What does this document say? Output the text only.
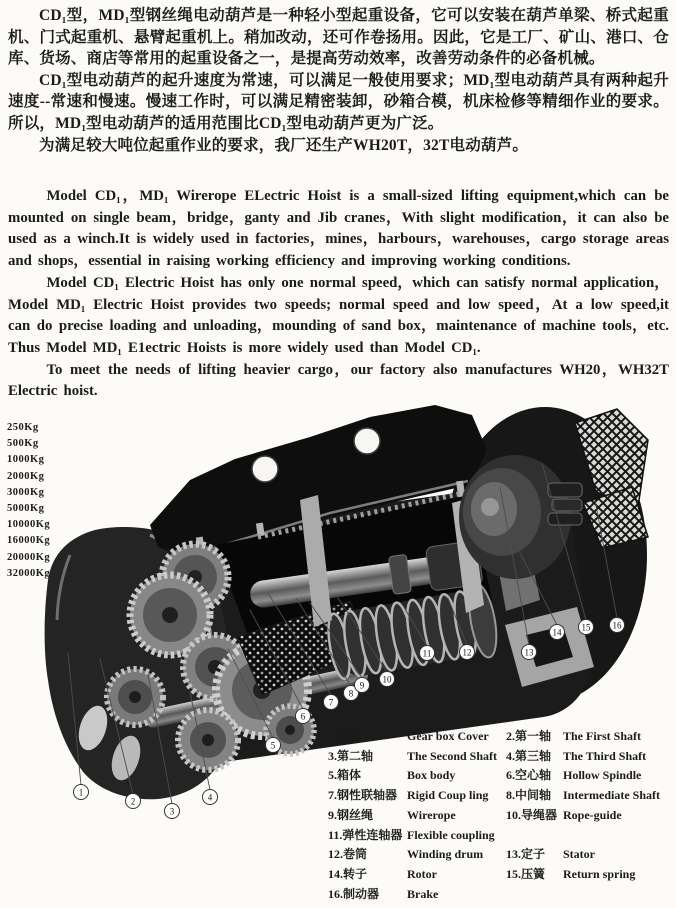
CD₁型，MD₁型钢丝绳电动葫芦是一种轻小型起重设备，它可以安装在葫芦单梁、桥式起重机、门式起重机、悬臂起重机上。稍加改动，还可作卷扬用。因此，它是工厂、矿山、港口、仓库、货场、商店等常用的起重设备之一，是提高劳动效率，改善劳动条件的必备机械。

CD₁型电动葫芦的起升速度为常速，可以满足一般使用要求；MD₁型电动葫芦具有两种起升速度--常速和慢速。慢速工作时，可以满足精密装卸，砂箱合模，机床检修等精细作业的要求。所以，MD₁型电动葫芦的适用范围比CD₁型电动葫芦更为广泛。

为满足较大吨位起重作业的要求，我厂还生产WH20T，32T电动葫芦。

Model CD₁，MD₁ Wirerope ELectric Hoist is a small-sized lifting equipment,which can be mounted on single beam，bridge，ganty and Jib cranes，With slight modification，it can also be used as a winch.It is widely used in factories，mines，harbours，warehouses，cargo storage areas and shops，essential in raising working efficiency and improving working conditions.

Model CD₁ Electric Hoist has only one normal speed，which can satisfy normal application，Model MD₁ Electric Hoist provides two speeds; normal speed and low speed，At a low speed,it can do precise loading and unloading，mounding of sand box，maintenance of machine tools，etc. Thus Model MD₁ E1ectric Hoists is more widely used than Model CD₁.

To meet the needs of lifting heavier cargo，our factory also manufactures WH20，WH32T Electric hoist.

250Kg
500Kg
1000Kg
2000Kg
3000Kg
5000Kg
10000Kg
16000Kg
20000Kg
32000Kg
1
2
3
4
5
6
7
8
9
10
11	12	13
14 15 16
1.箱盖	Gear box Cover	2.第一轴 The First Shaft
3.第二轴	The Second Shaft 4.第三轴 The Third Shaft
5.箱体	Box body	6.空心轴 Hollow Spindle
7.钢性联轴器 Rigid Coup ling	8.中间轴 Intermediate Shaft
9.钢丝绳	Wirerope	10.导绳器 Rope-guide
11.弹性连轴器 Flexible coupling
12.卷筒	Winding drum	13.定子	Stator
14.转子	Rotor	15.压簧	Return spring
16.制动器	Brake
